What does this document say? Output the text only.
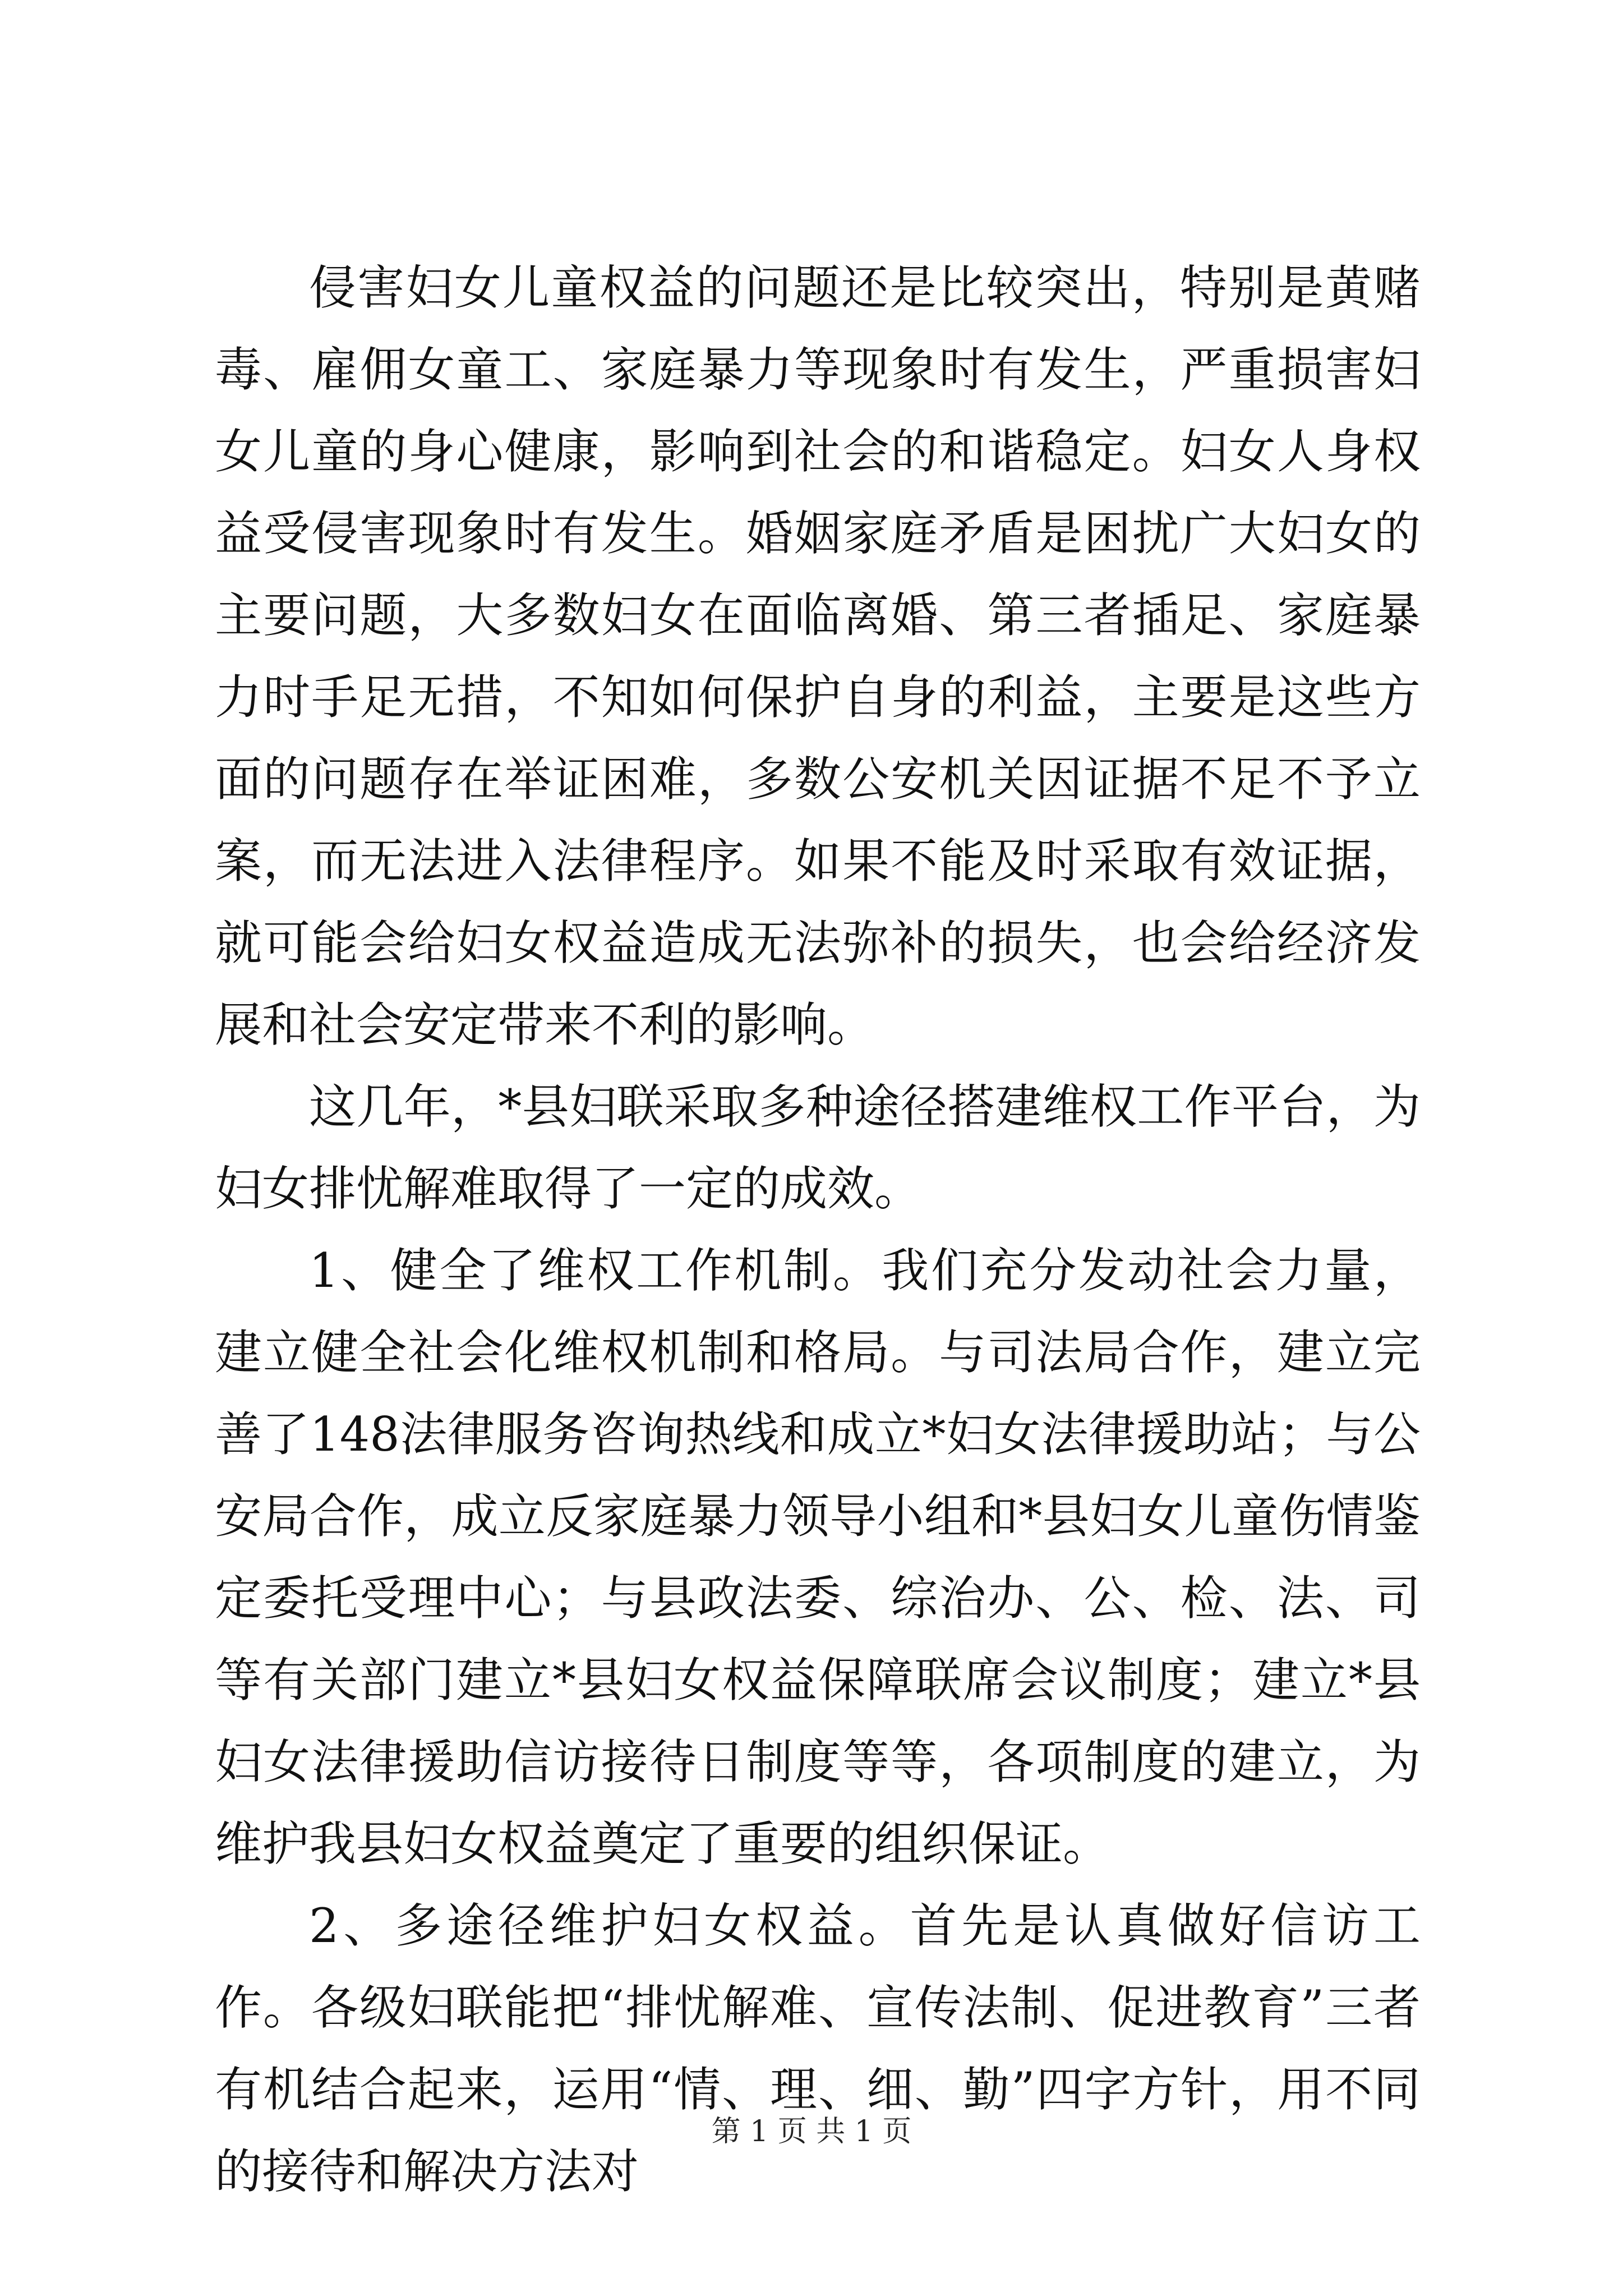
侵害妇女儿童权益的问题还是比较突出，特别是黄赌毒、雇佣女童工、家庭暴力等现象时有发生，严重损害妇女儿童的身心健康，影响到社会的和谐稳定。妇女人身权益受侵害现象时有发生。婚姻家庭矛盾是困扰广大妇女的主要问题，大多数妇女在面临离婚、第三者插足、家庭暴力时手足无措，不知如何保护自身的利益，主要是这些方面的问题存在举证困难，多数公安机关因证据不足不予立案，而无法进入法律程序。如果不能及时采取有效证据，就可能会给妇女权益造成无法弥补的损失，也会给经济发展和社会安定带来不利的影响。

这几年，*县妇联采取多种途径搭建维权工作平台，为妇女排忧解难取得了一定的成效。

1、健全了维权工作机制。我们充分发动社会力量，建立健全社会化维权机制和格局。与司法局合作，建立完善了148法律服务咨询热线和成立*妇女法律援助站；与公安局合作，成立反家庭暴力领导小组和*县妇女儿童伤情鉴定委托受理中心；与县政法委、综治办、公、检、法、司等有关部门建立*县妇女权益保障联席会议制度；建立*县妇女法律援助信访接待日制度等等，各项制度的建立，为维护我县妇女权益奠定了重要的组织保证。

2、多途径维护妇女权益。首先是认真做好信访工作。各级妇联能把“排忧解难、宣传法制、促进教育”三者有机结合起来，运用“情、理、细、勤”四字方针，用不同的接待和解决方法对

第 1 页 共 1 页
